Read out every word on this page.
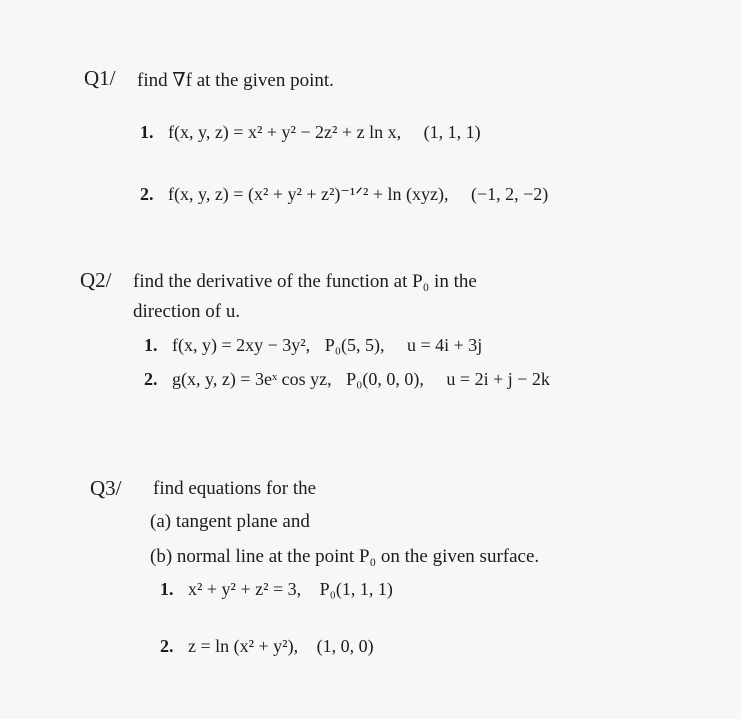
Q1/ find ∇f at the given point.
1. f(x, y, z) = x² + y² − 2z² + z ln x, (1, 1, 1)
2. f(x, y, z) = (x² + y² + z²)⁻¹ᐟ² + ln (xyz), (−1, 2, −2)
Q2/ find the derivative of the function at P₀ in the
direction of u.
1. f(x, y) = 2xy − 3y², P₀(5, 5), u = 4i + 3j
2. g(x, y, z) = 3eˣ cos yz, P₀(0, 0, 0), u = 2i + j − 2k
Q3/ find equations for the
(a) tangent plane and
(b) normal line at the point P₀ on the given surface.
1. x² + y² + z² = 3, P₀(1, 1, 1)
2. z = ln (x² + y²), (1, 0, 0)
